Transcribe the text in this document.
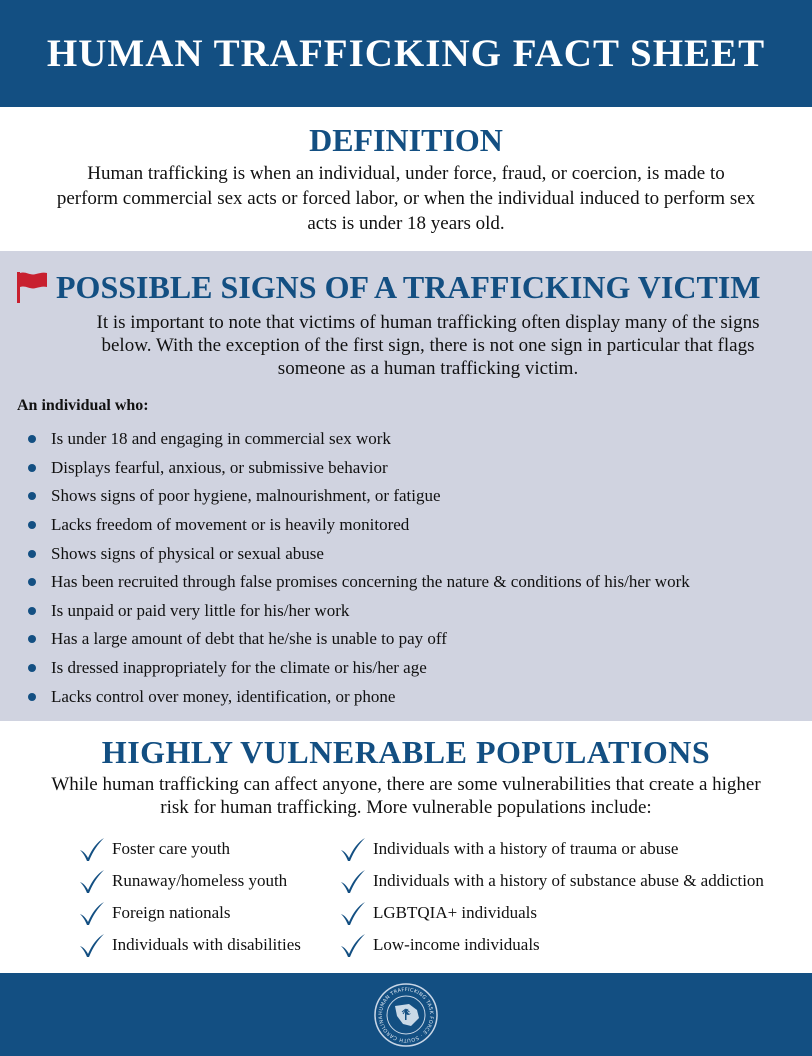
HUMAN TRAFFICKING FACT SHEET
DEFINITION

Human trafficking is when an individual, under force, fraud, or coercion, is made to perform commercial sex acts or forced labor, or when the individual induced to perform sex acts is under 18 years old.

POSSIBLE SIGNS OF A TRAFFICKING VICTIM

It is important to note that victims of human trafficking often display many of the signs below. With the exception of the first sign, there is not one sign in particular that flags someone as a human trafficking victim.

An individual who:

Is under 18 and engaging in commercial sex work
Displays fearful, anxious, or submissive behavior
Shows signs of poor hygiene, malnourishment, or fatigue
Lacks freedom of movement or is heavily monitored
Shows signs of physical or sexual abuse
Has been recruited through false promises concerning the nature & conditions of his/her work
Is unpaid or paid very little for his/her work
Has a large amount of debt that he/she is unable to pay off
Is dressed inappropriately for the climate or his/her age
Lacks control over money, identification, or phone
HIGHLY VULNERABLE POPULATIONS

While human trafficking can affect anyone, there are some vulnerabilities that create a higher risk for human trafficking. More vulnerable populations include:

Foster care youth
Runaway/homeless youth
Foreign nationals
Individuals with disabilities
Individuals with a history of trauma or abuse
Individuals with a history of substance abuse & addiction
LGBTQIA+ individuals
Low-income individuals
HUMAN TRAFFICKING TASK FORCE · SOUTH CAROLINA
